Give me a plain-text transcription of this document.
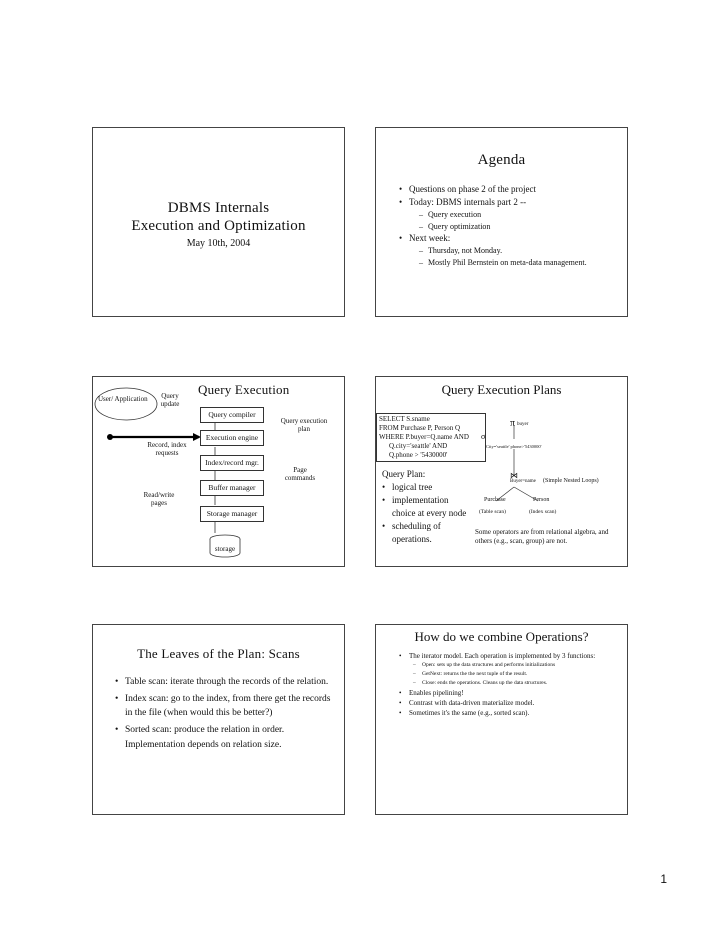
DBMS Internals
Execution and Optimization
May 10th, 2004
Agenda
• Questions on phase 2 of the project
• Today: DBMS internals part 2 --
– Query execution
– Query optimization
• Next week:
– Thursday, not Monday.
– Mostly Phil Bernstein on meta-data management.
Query Execution
User/ Application	Query update
Query compiler
Query execution plan
Execution engine
Record, index requests
Index/record mgr.
Page commands
Buffer manager
Read/write pages
Storage manager
storage
Query Execution Plans
SELECT S.sname
FROM Purchase P, Person Q
WHERE P.buyer=Q.name AND
Q.city='seattle' AND
Q.phone > '5430000'
π buyer
σ
City='seattle' phone>'5430000'
⋈
Buyer=name (Simple Nested Loops)
Purchase
(Table scan)
Person
(Index scan)
Query Plan:
• logical tree
• implementation choice at every node
• scheduling of operations.
Some operators are from relational algebra, and others (e.g., scan, group) are not.
The Leaves of the Plan: Scans
• Table scan: iterate through the records of the relation.
• Index scan: go to the index, from there get the records in the file (when would this be better?)
• Sorted scan: produce the relation in order. Implementation depends on relation size.
How do we combine Operations?
• The iterator model. Each operation is implemented by 3 functions:
– Open: sets up the data structures and performs initializations
– GetNext: returns the the next tuple of the result.
– Close: ends the operations. Cleans up the data structures.
• Enables pipelining!
• Contrast with data-driven materialize model.
• Sometimes it's the same (e.g., sorted scan).
1
